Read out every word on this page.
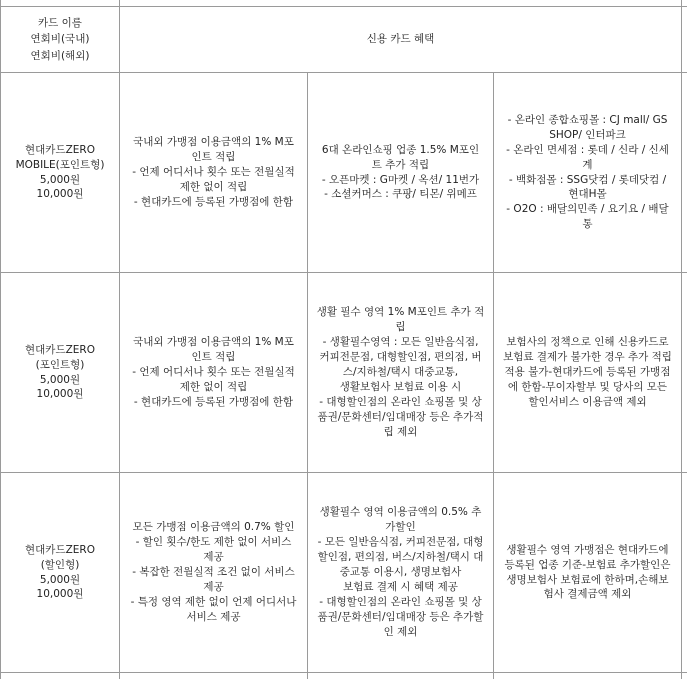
카드 이름
연회비(국내)
연회비(해외)
신용 카드 혜택
현대카드ZERO
MOBILE(포인트형)
5,000원
10,000원
국내외 가맹점 이용금액의 1% M포
인트 적립
- 언제 어디서나 횟수 또는 전월실적
제한 없이 적립
- 현대카드에 등록된 가맹점에 한함
6대 온라인쇼핑 업종 1.5% M포인
트 추가 적립
- 오픈마켓 : G마켓 / 옥션/ 11번가
- 소셜커머스 : 쿠팡/ 티몬/ 위메프
- 온라인 종합쇼핑몰 : CJ mall/ GS
SHOP/ 인터파크
- 온라인 면세점 : 롯데 / 신라 / 신세
계
- 백화점몰 : SSG닷컴 / 롯데닷컴 /
현대H몰
- O2O : 배달의민족 / 요기요 / 배달
통
현대카드ZERO
(포인트형)
5,000원
10,000원
국내외 가맹점 이용금액의 1% M포
인트 적립
- 언제 어디서나 횟수 또는 전월실적
제한 없이 적립
- 현대카드에 등록된 가맹점에 한함
생활 필수 영역 1% M포인트 추가 적
립
- 생활필수영역 : 모든 일반음식점,
커피전문점, 대형할인점, 편의점, 버
스/지하철/택시 대중교통,
생활보험사 보험료 이용 시
- 대형할인점의 온라인 쇼핑몰 및 상
품권/문화센터/임대매장 등은 추가적
립 제외
보험사의 정책으로 인해 신용카드로
보험료 결제가 불가한 경우 추가 적립
적용 불가-현대카드에 등록된 가맹점
에 한함-무이자할부 및 당사의 모든
할인서비스 이용금액 제외
현대카드ZERO
(할인형)
5,000원
10,000원
모든 가맹점 이용금액의 0.7% 할인
- 할인 횟수/한도 제한 없이 서비스
제공
- 복잡한 전월실적 조건 없이 서비스
제공
- 특정 영역 제한 없이 언제 어디서나
서비스 제공
생활필수 영역 이용금액의 0.5% 추
가할인
- 모든 일반음식점, 커피전문점, 대형
할인점, 편의점, 버스/지하철/택시 대
중교통 이용시, 생명보험사
보험료 결제 시 혜택 제공
- 대형할인점의 온라인 쇼핑몰 및 상
품권/문화센터/임대매장 등은 추가할
인 제외
생활필수 영역 가맹점은 현대카드에
등록된 업종 기준-보험료 추가할인은
생명보험사 보험료에 한하며,손해보
험사 결제금액 제외
